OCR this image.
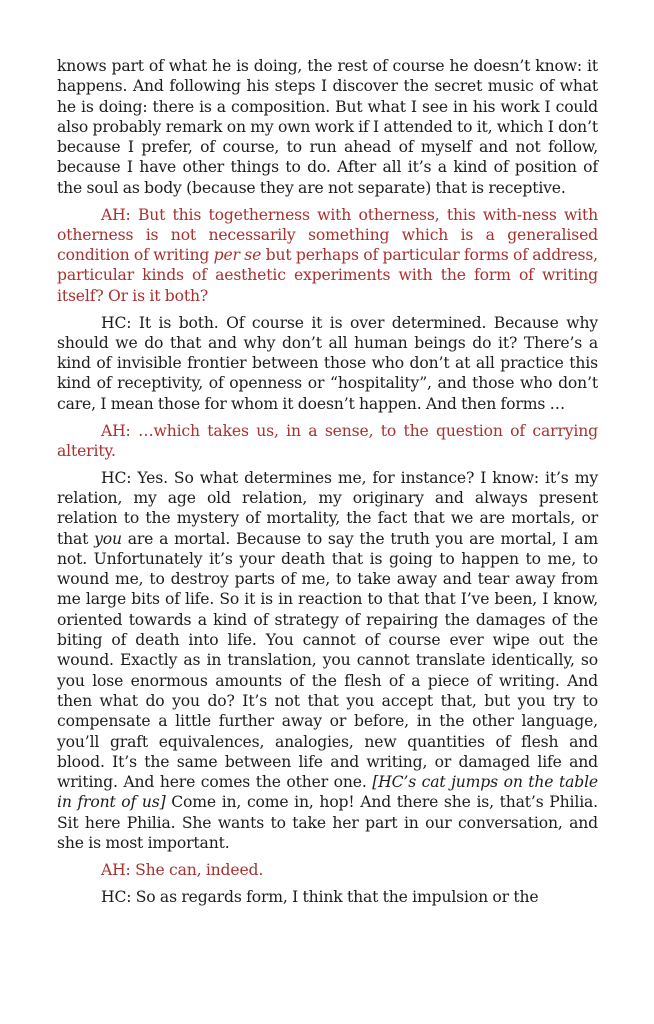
knows part of what he is doing, the rest of course he doesn’t know: it happens. And following his steps I discover the secret music of what he is doing: there is a composition. But what I see in his work I could also probably remark on my own work if I attended to it, which I don’t because I prefer, of course, to run ahead of myself and not follow, because I have other things to do. After all it’s a kind of position of the soul as body (because they are not separate) that is receptive.

AH: But this togetherness with otherness, this with-ness with otherness is not necessarily something which is a generalised condition of writing per se but perhaps of particular forms of address, particular kinds of aesthetic experiments with the form of writing itself? Or is it both?

HC: It is both. Of course it is over determined. Because why should we do that and why don’t all human beings do it? There’s a kind of invisible frontier between those who don’t at all practice this kind of receptivity, of openness or “hospitality”, and those who don’t care, I mean those for whom it doesn’t happen. And then forms …

AH: …which takes us, in a sense, to the question of carrying alterity.

HC: Yes. So what determines me, for instance? I know: it’s my relation, my age old relation, my originary and always present relation to the mystery of mortality, the fact that we are mortals, or that you are a mortal. Because to say the truth you are mortal, I am not. Unfortunately it’s your death that is going to happen to me, to wound me, to destroy parts of me, to take away and tear away from me large bits of life. So it is in reaction to that that I’ve been, I know, oriented towards a kind of strategy of repairing the damages of the biting of death into life. You cannot of course ever wipe out the wound. Exactly as in translation, you cannot translate identically, so you lose enormous amounts of the flesh of a piece of writing. And then what do you do? It’s not that you accept that, but you try to compensate a little further away or before, in the other language, you’ll graft equivalences, analogies, new quantities of flesh and blood. It’s the same between life and writing, or damaged life and writing. And here comes the other one. [HC’s cat jumps on the table in front of us] Come in, come in, hop! And there she is, that’s Philia. Sit here Philia. She wants to take her part in our conversation, and she is most important.

AH: She can, indeed.

HC: So as regards form, I think that the impulsion or the
